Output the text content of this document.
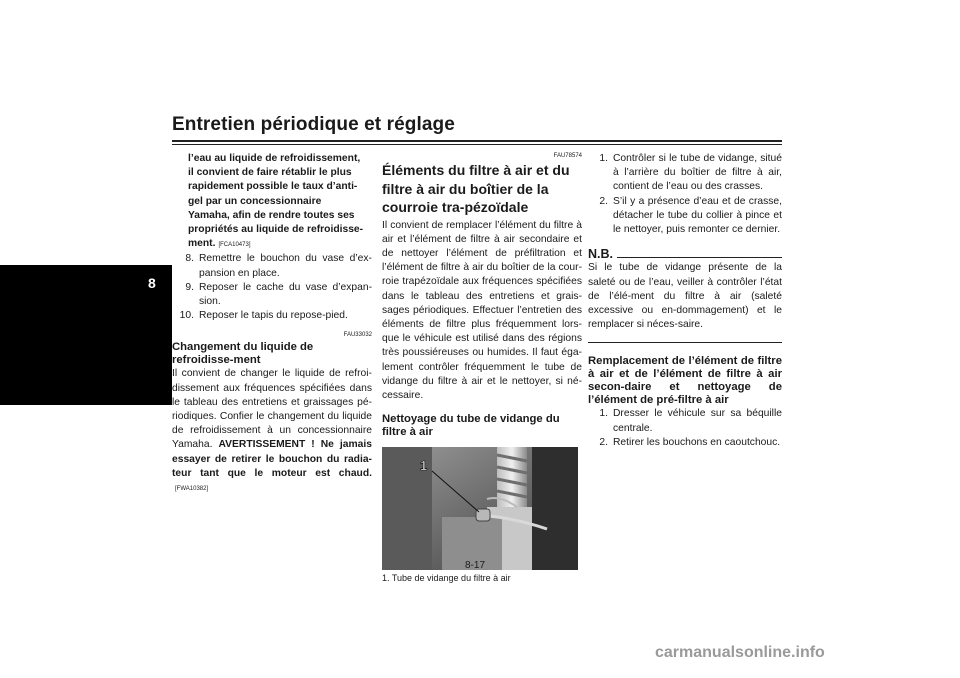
Entretien périodique et réglage
8
l’eau au liquide de refroidissement,
il convient de faire rétablir le plus
rapidement possible le taux d’anti-
gel par un concessionnaire
Yamaha, afin de rendre toutes ses
propriétés au liquide de refroidisse-
ment. [FCA10473]
8. Remettre le bouchon du vase d’ex-pansion en place.
9. Reposer le cache du vase d’expan-sion.
10. Reposer le tapis du repose-pied.
FAU33032
Changement du liquide de refroidisse-ment
Il convient de changer le liquide de refroi-dissement aux fréquences spécifiées dans le tableau des entretiens et graissages pé-riodiques. Confier le changement du liquide de refroidissement à un concessionnaire Yamaha. AVERTISSEMENT ! Ne jamais essayer de retirer le bouchon du radia-teur tant que le moteur est chaud.[FWA10382]
FAU78574
Éléments du filtre à air et du filtre à air du boîtier de la courroie tra-pézoïdale
Il convient de remplacer l’élément du filtre à air et l’élément de filtre à air secondaire et de nettoyer l’élément de préfiltration et l’élément de filtre à air du boîtier de la cour-roie trapézoïdale aux fréquences spécifiées dans le tableau des entretiens et grais-sages périodiques. Effectuer l’entretien des éléments de filtre plus fréquemment lors-que le véhicule est utilisé dans des régions très poussiéreuses ou humides. Il faut éga-lement contrôler fréquemment le tube de vidange du filtre à air et le nettoyer, si né-cessaire.
Nettoyage du tube de vidange du filtre à air
1
1. Tube de vidange du filtre à air
1. Contrôler si le tube de vidange, situé à l’arrière du boîtier de filtre à air, contient de l’eau ou des crasses.
2. S’il y a présence d’eau et de crasse, détacher le tube du collier à pince et le nettoyer, puis remonter ce dernier.
N.B.
Si le tube de vidange présente de la saleté ou de l’eau, veiller à contrôler l’état de l’élé-ment du filtre à air (saleté excessive ou en-dommagement) et le remplacer si néces-saire.
Remplacement de l’élément de filtre à air et de l’élément de filtre à air secon-daire et nettoyage de l’élément de pré-filtre à air
1. Dresser le véhicule sur sa béquille centrale.
2. Retirer les bouchons en caoutchouc.
8-17
carmanualsonline.info
